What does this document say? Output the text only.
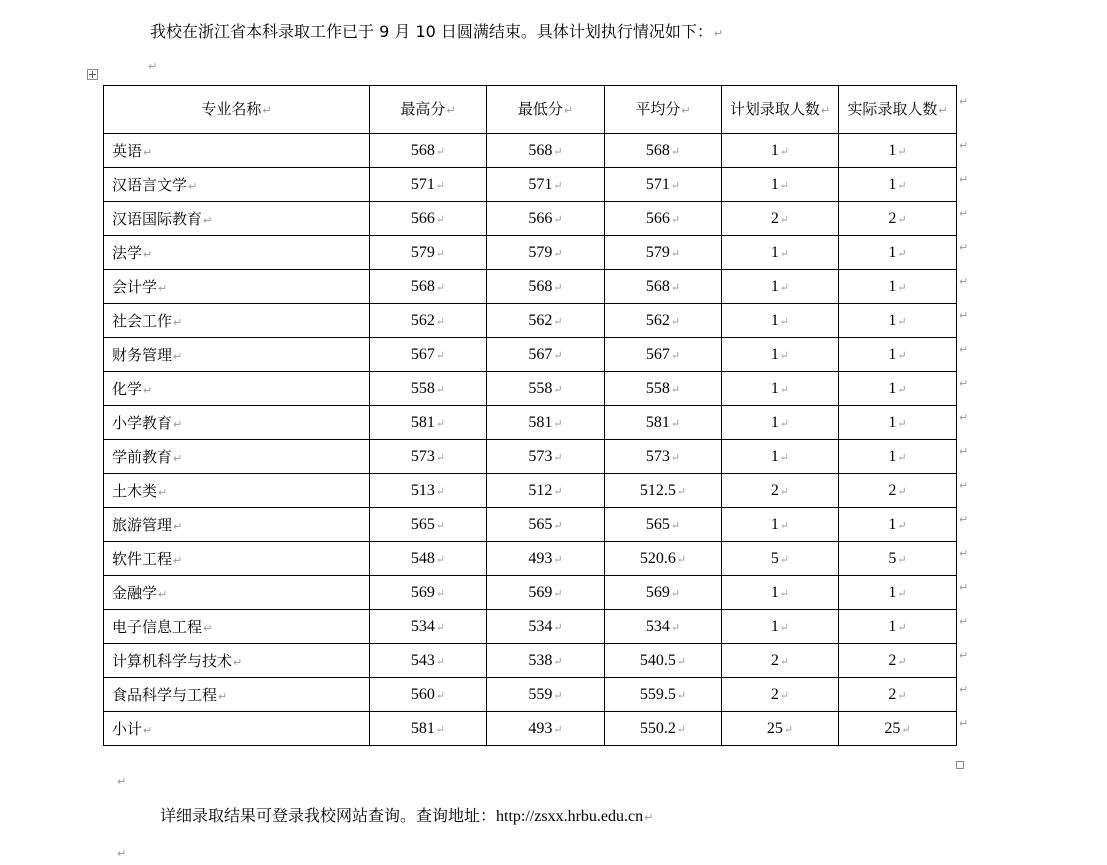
我校在浙江省本科录取工作已于 9 月 10 日圆满结束。具体计划执行情况如下：↵
↵
专业名称↵	最高分↵	最低分↵	平均分↵	计划录取人数↵	实际录取人数↵
英语↵	568↵	568↵	568↵	1↵	1↵
汉语言文学↵	571↵	571↵	571↵	1↵	1↵
汉语国际教育↵	566↵	566↵	566↵	2↵	2↵
法学↵	579↵	579↵	579↵	1↵	1↵
会计学↵	568↵	568↵	568↵	1↵	1↵
社会工作↵	562↵	562↵	562↵	1↵	1↵
财务管理↵	567↵	567↵	567↵	1↵	1↵
化学↵	558↵	558↵	558↵	1↵	1↵
小学教育↵	581↵	581↵	581↵	1↵	1↵
学前教育↵	573↵	573↵	573↵	1↵	1↵
土木类↵	513↵	512↵	512.5↵	2↵	2↵
旅游管理↵	565↵	565↵	565↵	1↵	1↵
软件工程↵	548↵	493↵	520.6↵	5↵	5↵
金融学↵	569↵	569↵	569↵	1↵	1↵
电子信息工程↵	534↵	534↵	534↵	1↵	1↵
计算机科学与技术↵	543↵	538↵	540.5↵	2↵	2↵
食品科学与工程↵	560↵	559↵	559.5↵	2↵	2↵
小计↵	581↵	493↵	550.2↵	25↵	25↵
↵
↵
↵
↵
↵
↵
↵
↵
↵
↵
↵
↵
↵
↵
↵
↵
↵
↵
↵
↵
详细录取结果可登录我校网站查询。查询地址：http://zsxx.hrbu.edu.cn↵
↵
